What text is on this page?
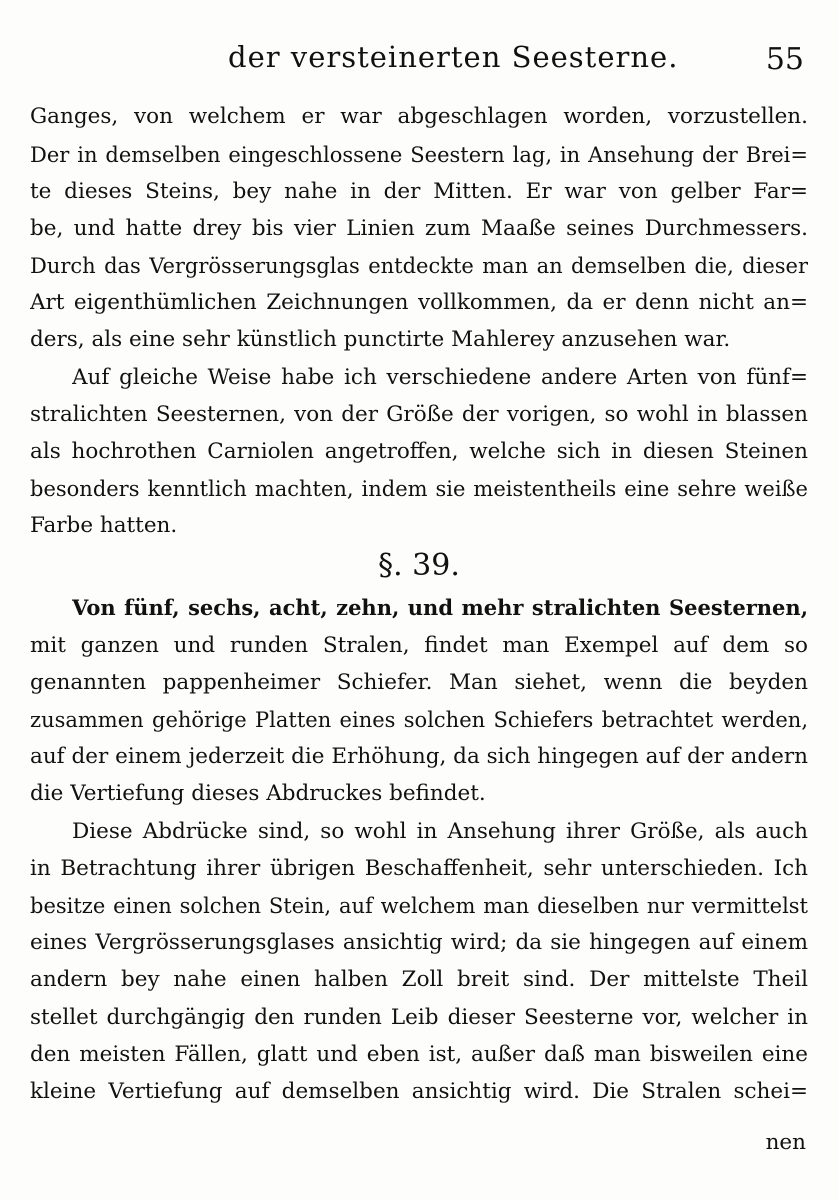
der versteinerten Seesterne.	55
Ganges, von welchem er war abgeschlagen worden, vorzustellen.
Der in demselben eingeschlossene Seestern lag, in Ansehung der Brei=
te dieses Steins, bey nahe in der Mitten. Er war von gelber Far=
be, und hatte drey bis vier Linien zum Maaße seines Durchmessers.
Durch das Vergrösserungsglas entdeckte man an demselben die, dieser
Art eigenthümlichen Zeichnungen vollkommen, da er denn nicht an=
ders, als eine sehr künstlich punctirte Mahlerey anzusehen war.
Auf gleiche Weise habe ich verschiedene andere Arten von fünf=
stralichten Seesternen, von der Größe der vorigen, so wohl in blassen
als hochrothen Carniolen angetroffen, welche sich in diesen Steinen
besonders kenntlich machten, indem sie meistentheils eine sehre weiße
Farbe hatten.
§. 39.
Von fünf, sechs, acht, zehn, und mehr stralichten Seesternen,
mit ganzen und runden Stralen, findet man Exempel auf dem so
genannten pappenheimer Schiefer. Man siehet, wenn die beyden
zusammen gehörige Platten eines solchen Schiefers betrachtet werden,
auf der einem jederzeit die Erhöhung, da sich hingegen auf der andern
die Vertiefung dieses Abdruckes befindet.
Diese Abdrücke sind, so wohl in Ansehung ihrer Größe, als auch
in Betrachtung ihrer übrigen Beschaffenheit, sehr unterschieden. Ich
besitze einen solchen Stein, auf welchem man dieselben nur vermittelst
eines Vergrösserungsglases ansichtig wird; da sie hingegen auf einem
andern bey nahe einen halben Zoll breit sind. Der mittelste Theil
stellet durchgängig den runden Leib dieser Seesterne vor, welcher in
den meisten Fällen, glatt und eben ist, außer daß man bisweilen eine
kleine Vertiefung auf demselben ansichtig wird. Die Stralen schei=
nen
